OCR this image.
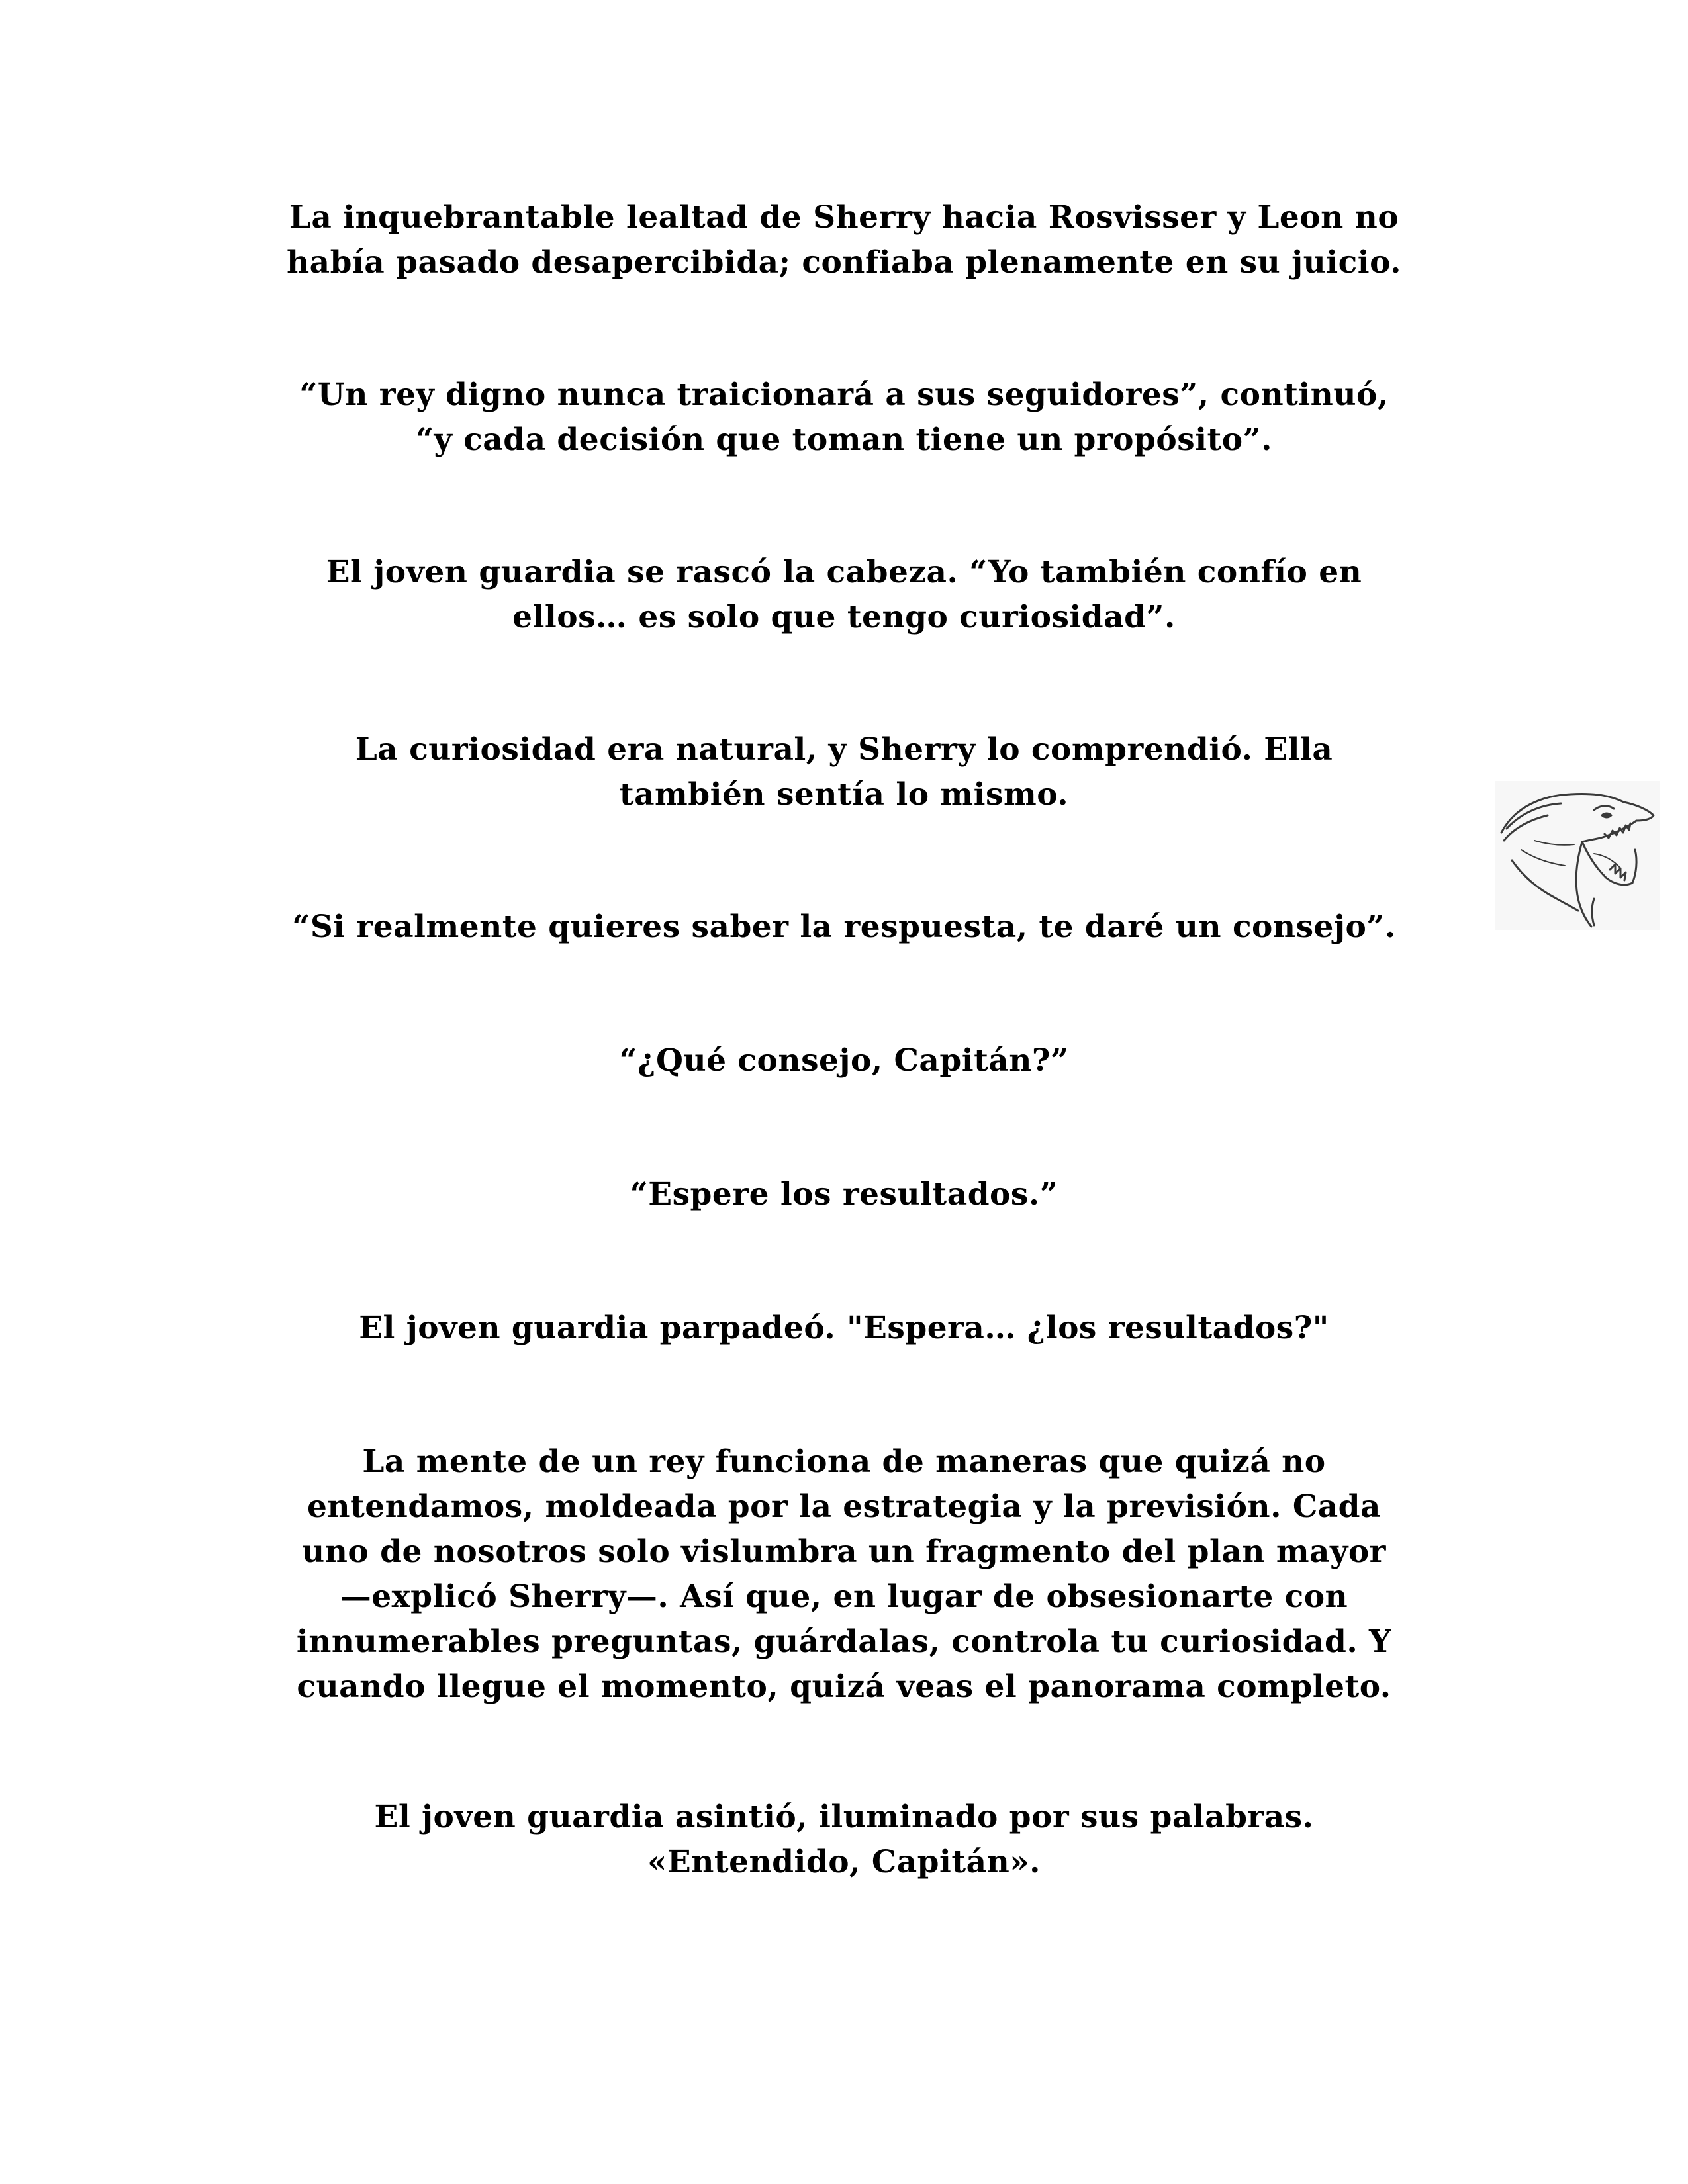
La inquebrantable lealtad de Sherry hacia Rosvisser y Leon no
había pasado desapercibida; confiaba plenamente en su juicio.

“Un rey digno nunca traicionará a sus seguidores”, continuó,
“y cada decisión que toman tiene un propósito”.

El joven guardia se rascó la cabeza. “Yo también confío en
ellos… es solo que tengo curiosidad”.

La curiosidad era natural, y Sherry lo comprendió. Ella
también sentía lo mismo.

“Si realmente quieres saber la respuesta, te daré un consejo”.

“¿Qué consejo, Capitán?”

“Espere los resultados.”

El joven guardia parpadeó. "Espera… ¿los resultados?"

La mente de un rey funciona de maneras que quizá no
entendamos, moldeada por la estrategia y la previsión. Cada
uno de nosotros solo vislumbra un fragmento del plan mayor
—explicó Sherry—. Así que, en lugar de obsesionarte con
innumerables preguntas, guárdalas, controla tu curiosidad. Y
cuando llegue el momento, quizá veas el panorama completo.

El joven guardia asintió, iluminado por sus palabras.
«Entendido, Capitán».
